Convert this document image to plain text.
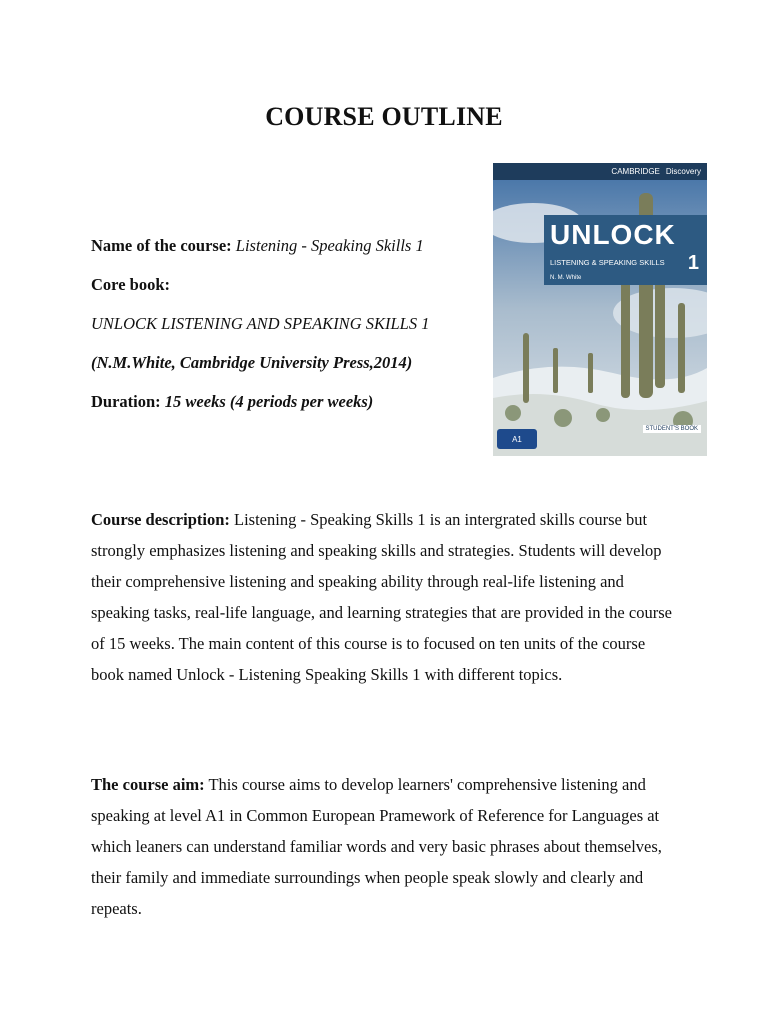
COURSE OUTLINE

Name of the course: Listening - Speaking Skills 1

Core book:

UNLOCK LISTENING AND SPEAKING SKILLS 1

(N.M.White, Cambridge University Press,2014)

Duration: 15 weeks (4 periods per weeks)

CAMBRIDGE Discovery
UNLOCK
LISTENING & SPEAKING SKILLS 1
N. M. White
A1
STUDENT'S BOOK

Course description: Listening - Speaking Skills 1 is an intergrated skills course but strongly emphasizes listening and speaking skills and strategies. Students will develop their comprehensive listening and speaking ability through real-life listening and speaking tasks, real-life language, and learning strategies that are provided in the course of 15 weeks. The main content of this course is to focused on ten units of the course book named Unlock - Listening Speaking Skills 1 with different topics.

The course aim: This course aims to develop learners' comprehensive listening and speaking at level A1 in Common European Pramework of Reference for Languages at which leaners can understand familiar words and very basic phrases about themselves, their family and immediate surroundings when people speak slowly and clearly and repeats.
